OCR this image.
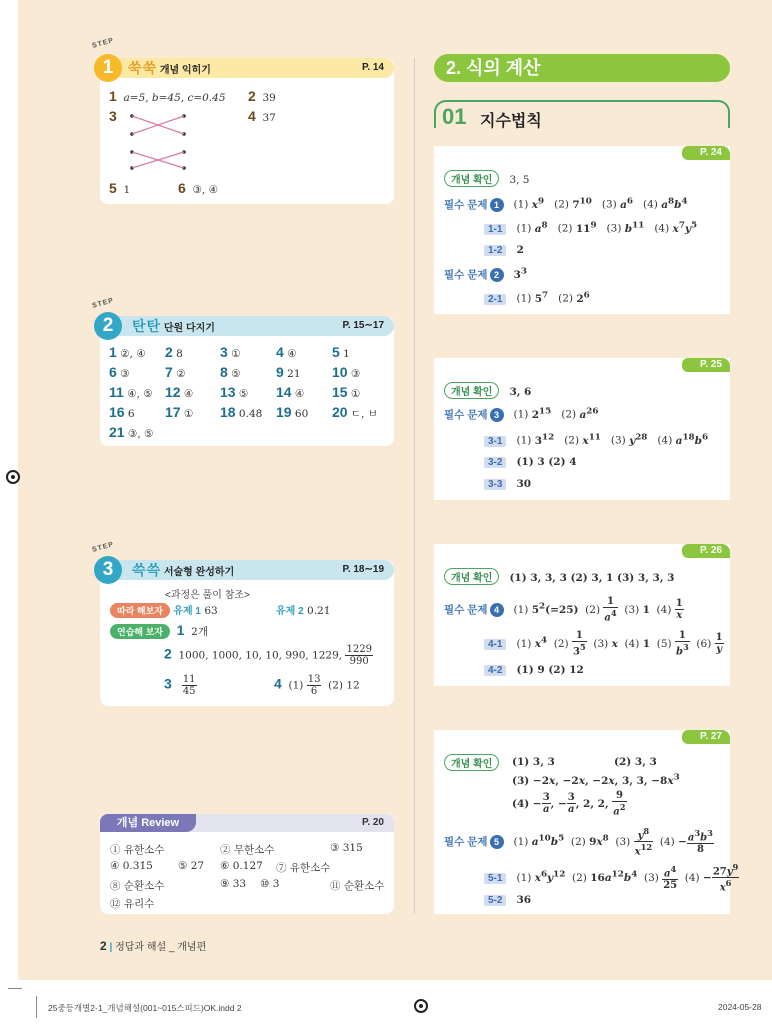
STEP
쑥쑥 개념 익히기	P. 14
1
1 a=5, b=45, c=0.45 2 39
3	4 37
5 1	6 ③, ④
STEP
탄탄 단원 다지기	P. 15∼17
2
1 ②, ④ 2 8	3 ①	4 ④	5 1
6 ③	7 ② 8 ⑤	9 21 10 ③
11 ④, ⑤ 12 ④ 13 ⑤ 14 ④ 15 ①
16 6 17 ① 18 0.48̇ 19 60 20 ㄷ, ㅂ
21 ③, ⑤
STEP
쓱쓱 서술형 완성하기	P. 18∼19
3
<과정은 풀이 참조>
따라 해보자 유제 1 63	유제 2 0.21̇
연습해 보자 1 2개
2 1000, 1000, 10, 10, 990, 1229, $\frac{1229}{990}$
$3 \frac{11}{45}$	4 $(1) \frac{13}{6} (2)$ 12
개념 Review	P. 20
① 유한소수	② 무한소수	③ 315
④ 0.31̇5̇ ⑤ 27 ⑥ 0.12̇7̇ ⑦ 유한소수
⑧ 순환소수	⑨ 33 ⑩ 3	⑪ 순환소수
⑫ 유리수
2 | 정답과 해설 _ 개념편
25중등개별2-1_개념해설(001~015스피드)OK.indd 2	2024-05-28
2. 식의 계산
01 지수법칙
P. 24
개념 확인 3, 5
필수 문제 1 (1) $x^9$   (2) $7^{10}$   (3) $a^6$   (4) $a^8b^4$
1-1 (1) $a^8$   (2) $11^9$   (3) $b^{11}$   (4) $x^7y^5$
1-2 2
필수 문제 2 $3^3$
2-1 (1) $5^7$   (2) $2^6$
P. 25
개념 확인 3, 6
필수 문제 3 (1) $2^{15}$   (2) $a^{26}$
3-1 (1) $3^{12}$   (2) $x^{11}$   (3) $y^{28}$   (4) $a^{18}b^6$
3-2 (1) 3 (2) 4
3-3 30
P. 26
개념 확인 (1) 3, 3, 3 (2) 3, 1 (3) 3, 3, 3
필수 문제 4 (1) $5^2(=25)$  $(2) \frac{1}{a^4} (3)$ 1  $(4) \frac{1}{x}$
4-1 (1) $x^4$  $(2) \frac{1}{3^5} (3)$ x  (4) 1  $(5) \frac{1}{b^3} (6) \frac{1}{y}$
4-2 (1) 9 (2) 12
P. 27
개념 확인	(1) 3, 3	(2) 3, 3
(3) −2x, −2x, −2x, 3, 3, $-8x^3$
$(4) - \frac{3}{a}$ , − $\frac{3}{a}$ , 2, 2, $\frac{9}{a^2}$
필수 문제 5 (1) $a^{10}b^5$  (2) $9x^8$  $(3) \frac{y^8}{x^{12}} (4) - \frac{a^3b^3}{8}$
5-1 (1) $x^6y^{12}$  (2) $16a^{12}b^4$  $(3) \frac{a^4}{25} (4) - \frac{27y^9}{x^6}$
5-2 36
